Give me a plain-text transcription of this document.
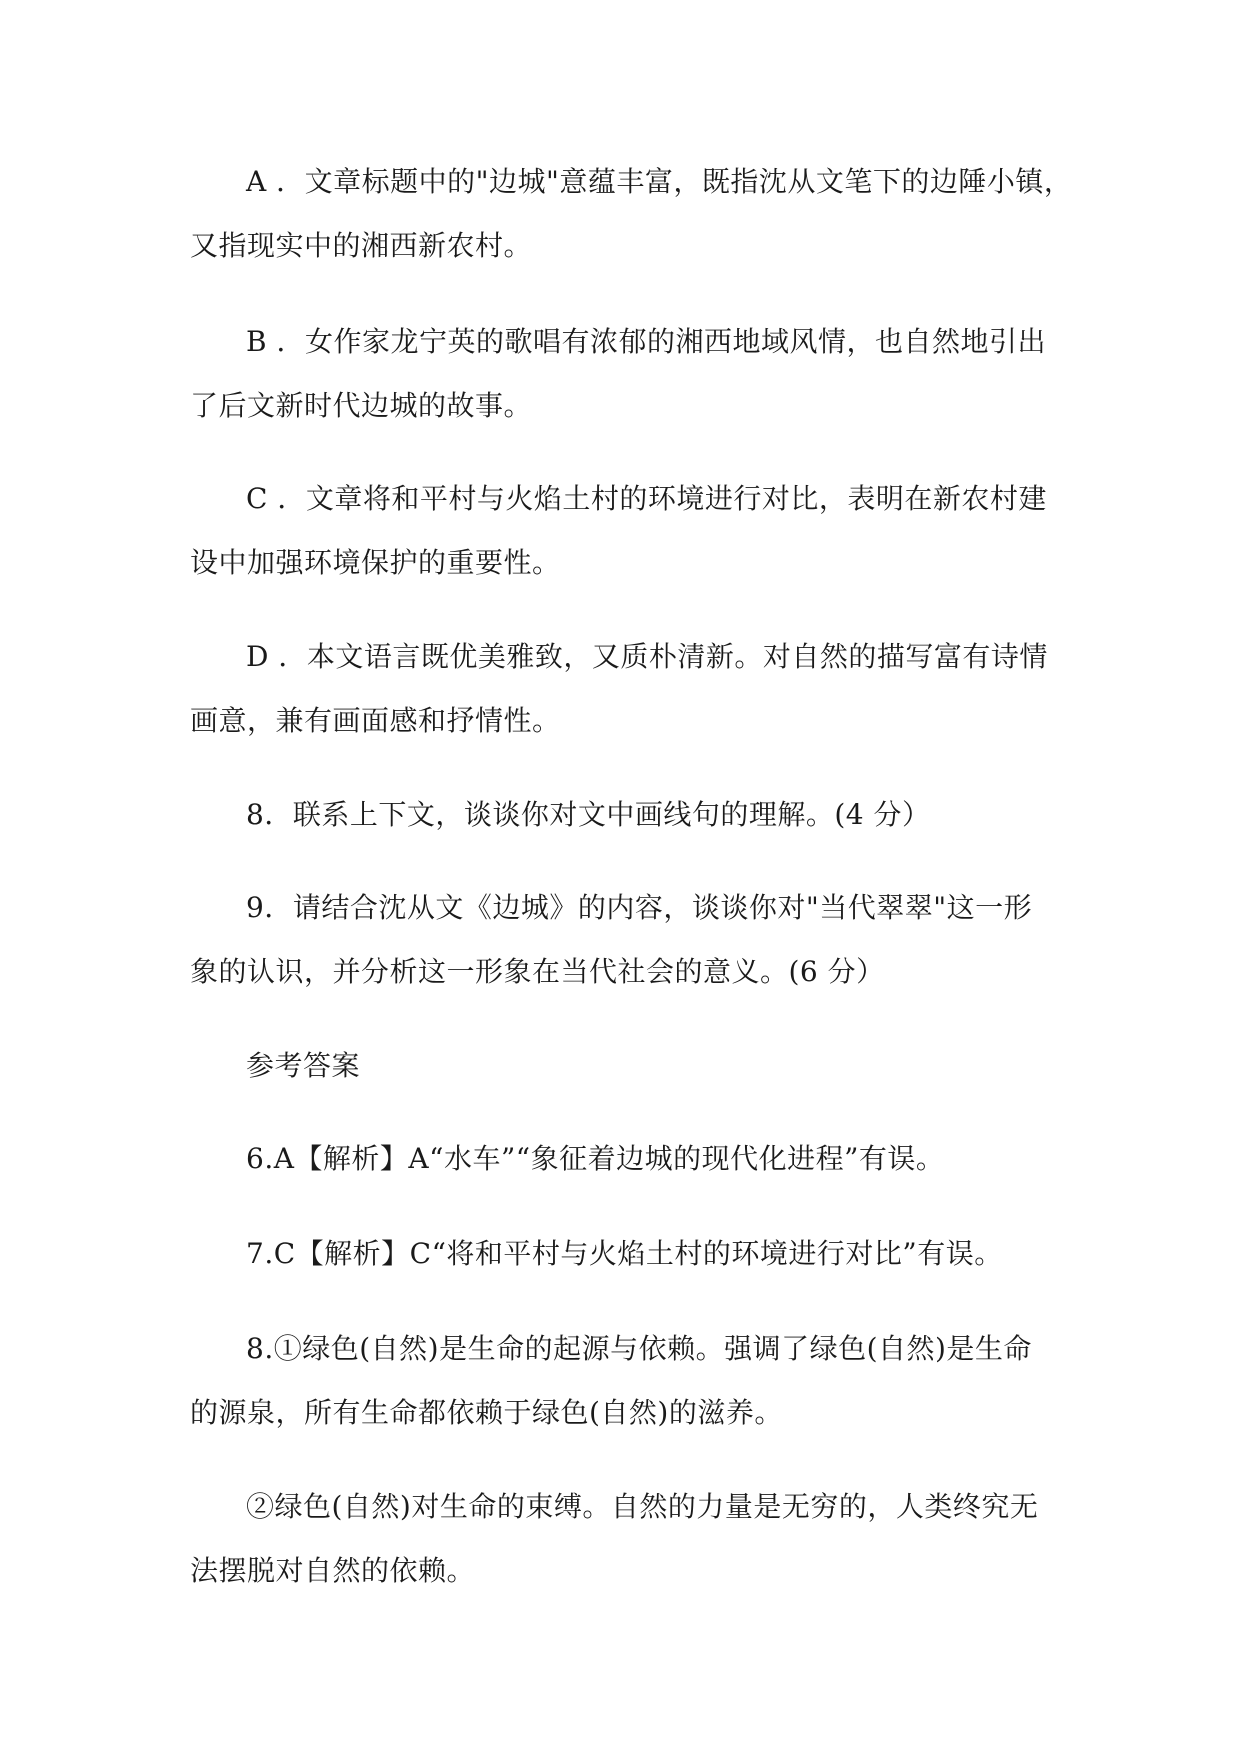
A ．文章标题中的"边城"意蕴丰富，既指沈从文笔下的边陲小镇，
又指现实中的湘西新农村。

B ．女作家龙宁英的歌唱有浓郁的湘西地域风情，也自然地引出
了后文新时代边城的故事。

C ．文章将和平村与火焰土村的环境进行对比，表明在新农村建
设中加强环境保护的重要性。

D ．本文语言既优美雅致，又质朴清新。对自然的描写富有诗情
画意，兼有画面感和抒情性。

8．联系上下文，谈谈你对文中画线句的理解。(4 分）

9．请结合沈从文《边城》的内容，谈谈你对"当代翠翠"这一形
象的认识，并分析这一形象在当代社会的意义。(6 分）

参考答案

6.A【解析】A“水车”“象征着边城的现代化进程”有误。

7.C【解析】C“将和平村与火焰土村的环境进行对比”有误。

8.①绿色(自然)是生命的起源与依赖。强调了绿色(自然)是生命
的源泉，所有生命都依赖于绿色(自然)的滋养。

②绿色(自然)对生命的束缚。自然的力量是无穷的，人类终究无
法摆脱对自然的依赖。
